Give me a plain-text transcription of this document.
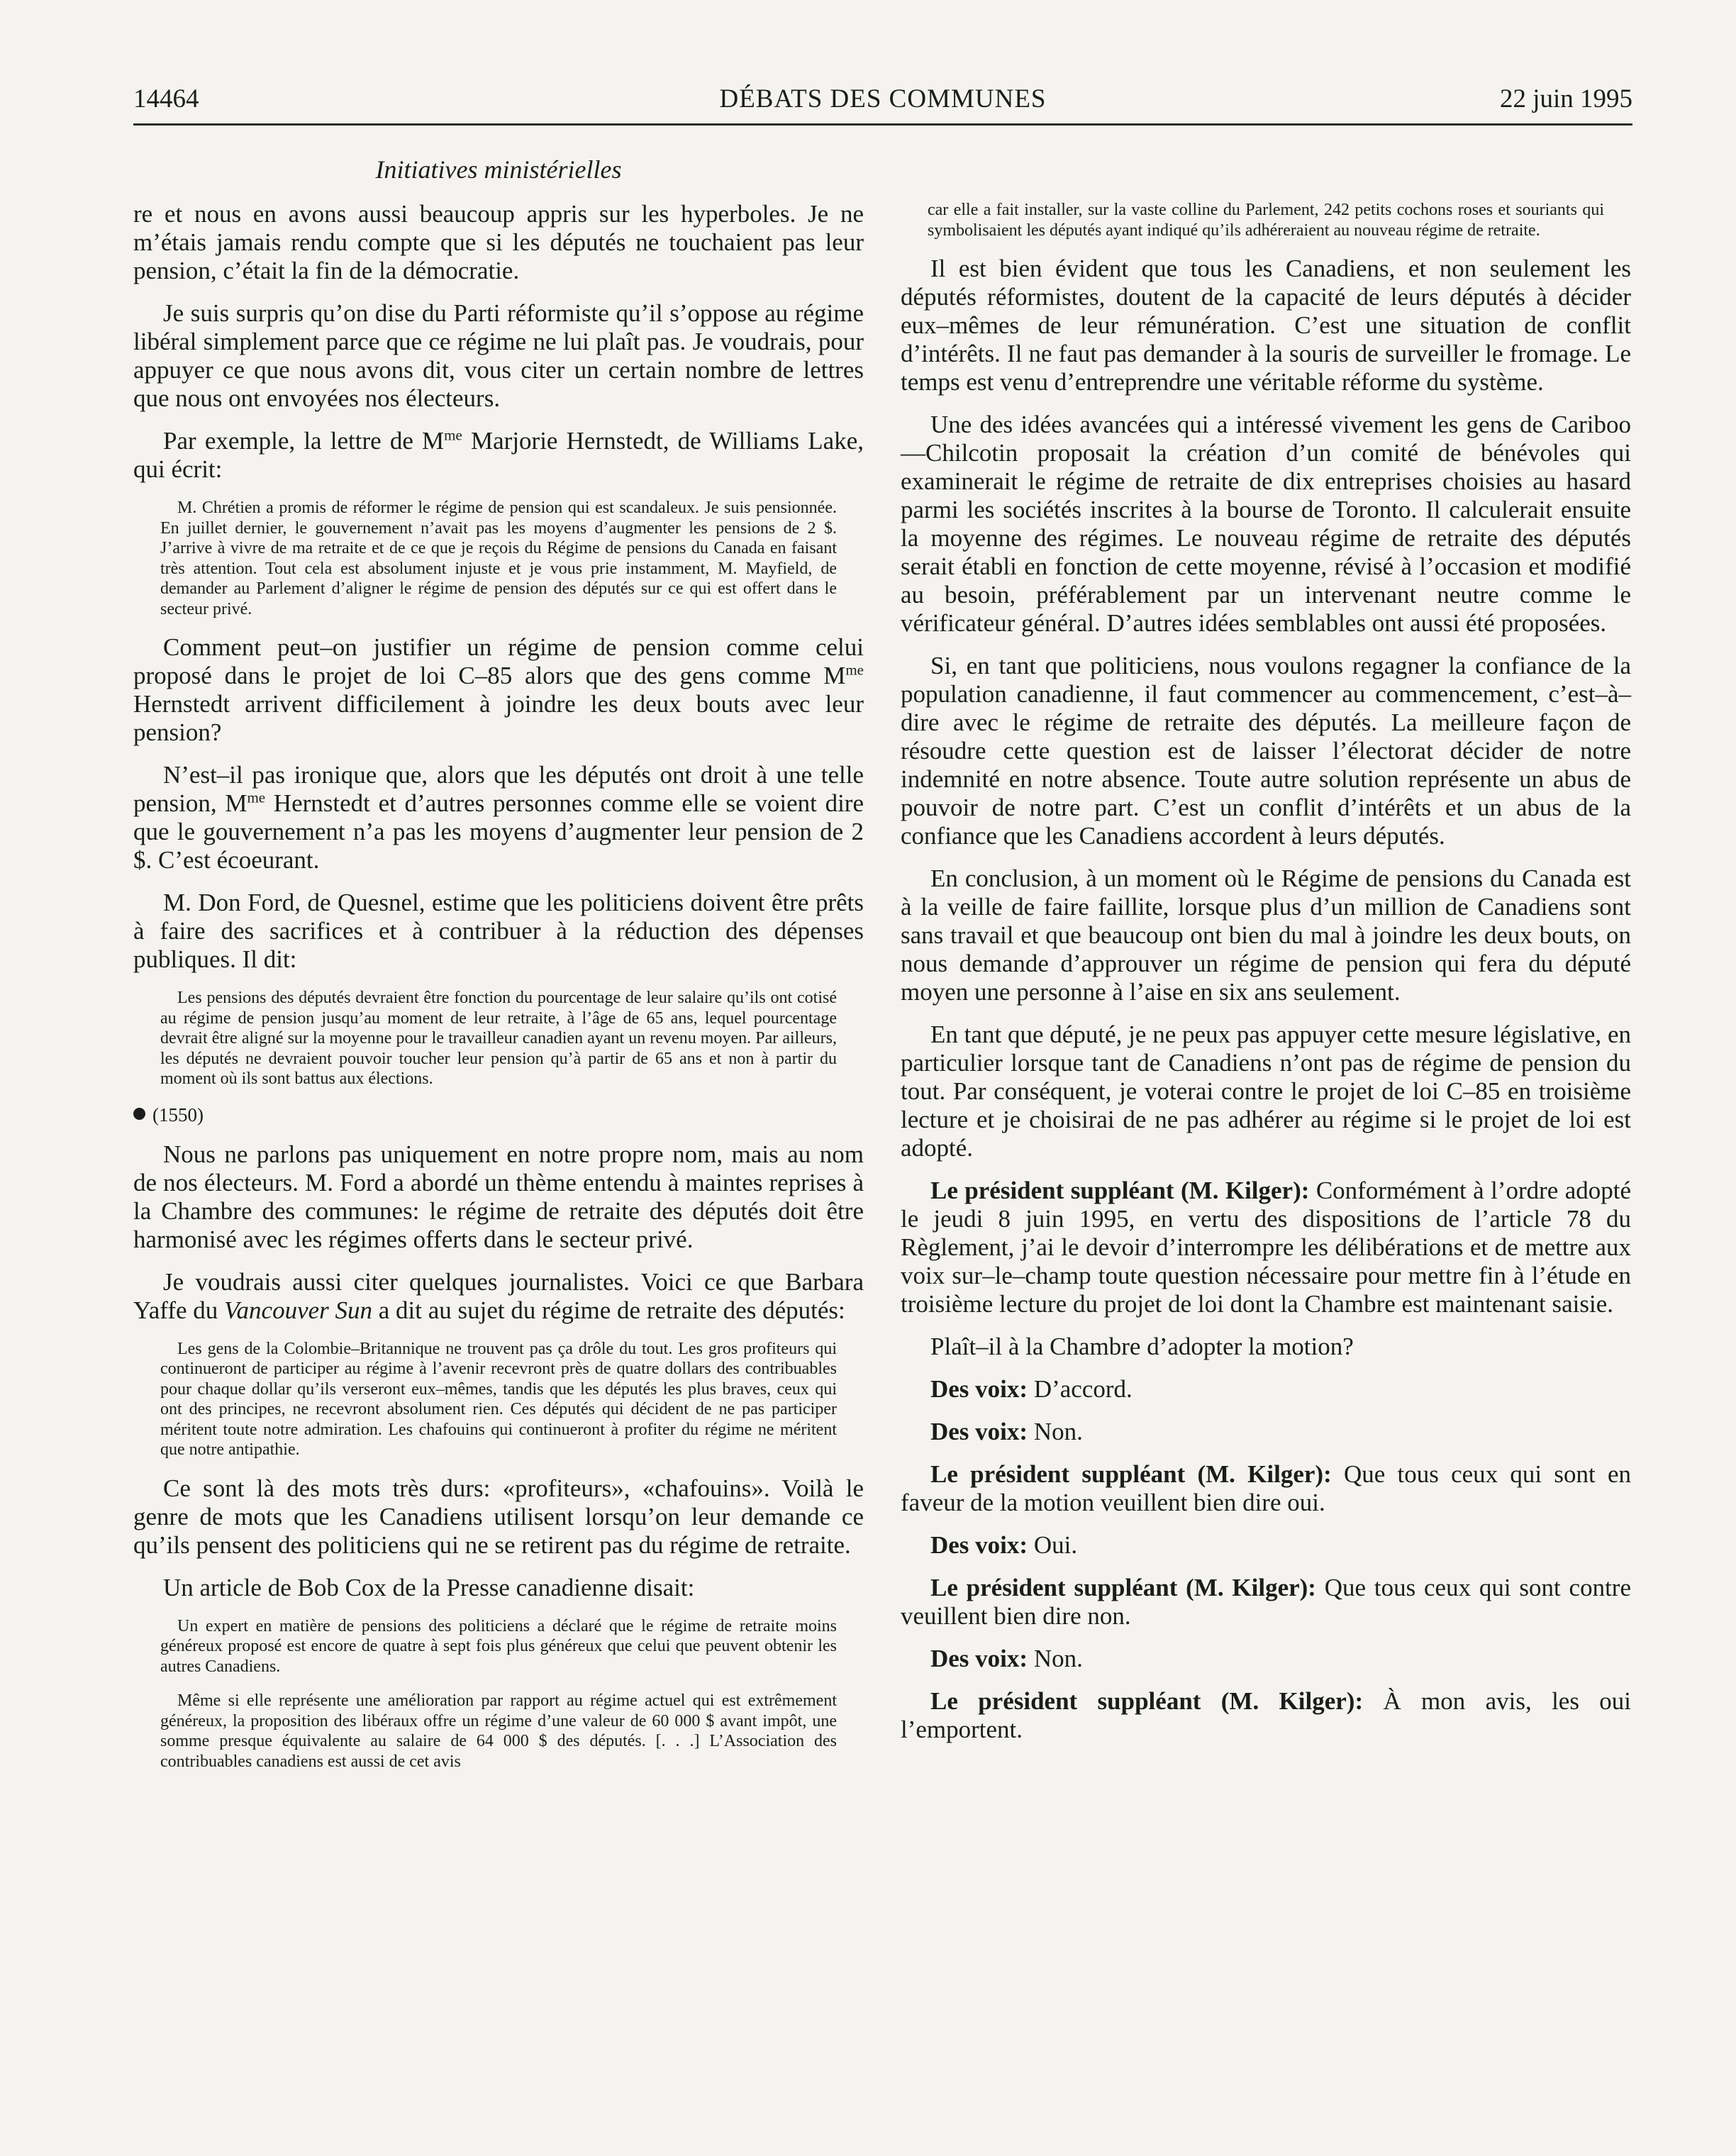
14464	DÉBATS DES COMMUNES	22 juin 1995
Initiatives ministérielles

re et nous en avons aussi beaucoup appris sur les hyperboles. Je ne m’étais jamais rendu compte que si les députés ne touchaient pas leur pension, c’était la fin de la démocratie.

Je suis surpris qu’on dise du Parti réformiste qu’il s’oppose au régime libéral simplement parce que ce régime ne lui plaît pas. Je voudrais, pour appuyer ce que nous avons dit, vous citer un certain nombre de lettres que nous ont envoyées nos électeurs.

Par exemple, la lettre de $M^{me}$ Marjorie Hernstedt, de Williams Lake, qui écrit:

M. Chrétien a promis de réformer le régime de pension qui est scandaleux. Je suis pensionnée. En juillet dernier, le gouvernement n’avait pas les moyens d’augmenter les pensions de 2 $. J’arrive à vivre de ma retraite et de ce que je reçois du Régime de pensions du Canada en faisant très attention. Tout cela est absolument injuste et je vous prie instamment, M. Mayfield, de demander au Parlement d’aligner le régime de pension des députés sur ce qui est offert dans le secteur privé.

Comment peut–on justifier un régime de pension comme celui proposé dans le projet de loi C–85 alors que des gens comme $M^{me}$ Hernstedt arrivent difficilement à joindre les deux bouts avec leur pension?

N’est–il pas ironique que, alors que les députés ont droit à une telle pension, $M^{me}$ Hernstedt et d’autres personnes comme elle se voient dire que le gouvernement n’a pas les moyens d’augmenter leur pension de 2 $. C’est écoeurant.

M. Don Ford, de Quesnel, estime que les politiciens doivent être prêts à faire des sacrifices et à contribuer à la réduction des dépenses publiques. Il dit:

Les pensions des députés devraient être fonction du pourcentage de leur salaire qu’ils ont cotisé au régime de pension jusqu’au moment de leur retraite, à l’âge de 65 ans, lequel pourcentage devrait être aligné sur la moyenne pour le travailleur canadien ayant un revenu moyen. Par ailleurs, les députés ne devraient pouvoir toucher leur pension qu’à partir de 65 ans et non à partir du moment où ils sont battus aux élections.

(1550)

Nous ne parlons pas uniquement en notre propre nom, mais au nom de nos électeurs. M. Ford a abordé un thème entendu à maintes reprises à la Chambre des communes: le régime de retraite des députés doit être harmonisé avec les régimes offerts dans le secteur privé.

Je voudrais aussi citer quelques journalistes. Voici ce que Barbara Yaffe du Vancouver Sun a dit au sujet du régime de retraite des députés:

Les gens de la Colombie–Britannique ne trouvent pas ça drôle du tout. Les gros profiteurs qui continueront de participer au régime à l’avenir recevront près de quatre dollars des contribuables pour chaque dollar qu’ils verseront eux–mêmes, tandis que les députés les plus braves, ceux qui ont des principes, ne recevront absolument rien. Ces députés qui décident de ne pas participer méritent toute notre admiration. Les chafouins qui continueront à profiter du régime ne méritent que notre antipathie.

Ce sont là des mots très durs: «profiteurs», «chafouins». Voilà le genre de mots que les Canadiens utilisent lorsqu’on leur demande ce qu’ils pensent des politiciens qui ne se retirent pas du régime de retraite.

Un article de Bob Cox de la Presse canadienne disait:

Un expert en matière de pensions des politiciens a déclaré que le régime de retraite moins généreux proposé est encore de quatre à sept fois plus généreux que celui que peuvent obtenir les autres Canadiens.

Même si elle représente une amélioration par rapport au régime actuel qui est extrêmement généreux, la proposition des libéraux offre un régime d’une valeur de 60 000 $ avant impôt, une somme presque équivalente au salaire de 64 000 $ des députés. [. . .] L’Association des contribuables canadiens est aussi de cet avis

car elle a fait installer, sur la vaste colline du Parlement, 242 petits cochons roses et souriants qui symbolisaient les députés ayant indiqué qu’ils adhéreraient au nouveau régime de retraite.

Il est bien évident que tous les Canadiens, et non seulement les députés réformistes, doutent de la capacité de leurs députés à décider eux–mêmes de leur rémunération. C’est une situation de conflit d’intérêts. Il ne faut pas demander à la souris de surveiller le fromage. Le temps est venu d’entreprendre une véritable réforme du système.

Une des idées avancées qui a intéressé vivement les gens de Cariboo—Chilcotin proposait la création d’un comité de bénévoles qui examinerait le régime de retraite de dix entreprises choisies au hasard parmi les sociétés inscrites à la bourse de Toronto. Il calculerait ensuite la moyenne des régimes. Le nouveau régime de retraite des députés serait établi en fonction de cette moyenne, révisé à l’occasion et modifié au besoin, préférablement par un intervenant neutre comme le vérificateur général. D’autres idées semblables ont aussi été proposées.

Si, en tant que politiciens, nous voulons regagner la confiance de la population canadienne, il faut commencer au commencement, c’est–à–dire avec le régime de retraite des députés. La meilleure façon de résoudre cette question est de laisser l’électorat décider de notre indemnité en notre absence. Toute autre solution représente un abus de pouvoir de notre part. C’est un conflit d’intérêts et un abus de la confiance que les Canadiens accordent à leurs députés.

En conclusion, à un moment où le Régime de pensions du Canada est à la veille de faire faillite, lorsque plus d’un million de Canadiens sont sans travail et que beaucoup ont bien du mal à joindre les deux bouts, on nous demande d’approuver un régime de pension qui fera du député moyen une personne à l’aise en six ans seulement.

En tant que député, je ne peux pas appuyer cette mesure législative, en particulier lorsque tant de Canadiens n’ont pas de régime de pension du tout. Par conséquent, je voterai contre le projet de loi C–85 en troisième lecture et je choisirai de ne pas adhérer au régime si le projet de loi est adopté.

Le président suppléant (M. Kilger): Conformément à l’ordre adopté le jeudi 8 juin 1995, en vertu des dispositions de l’article 78 du Règlement, j’ai le devoir d’interrompre les délibérations et de mettre aux voix sur–le–champ toute question nécessaire pour mettre fin à l’étude en troisième lecture du projet de loi dont la Chambre est maintenant saisie.

Plaît–il à la Chambre d’adopter la motion?

Des voix: D’accord.

Des voix: Non.

Le président suppléant (M. Kilger): Que tous ceux qui sont en faveur de la motion veuillent bien dire oui.

Des voix: Oui.

Le président suppléant (M. Kilger): Que tous ceux qui sont contre veuillent bien dire non.

Des voix: Non.

Le président suppléant (M. Kilger): À mon avis, les oui l’emportent.
